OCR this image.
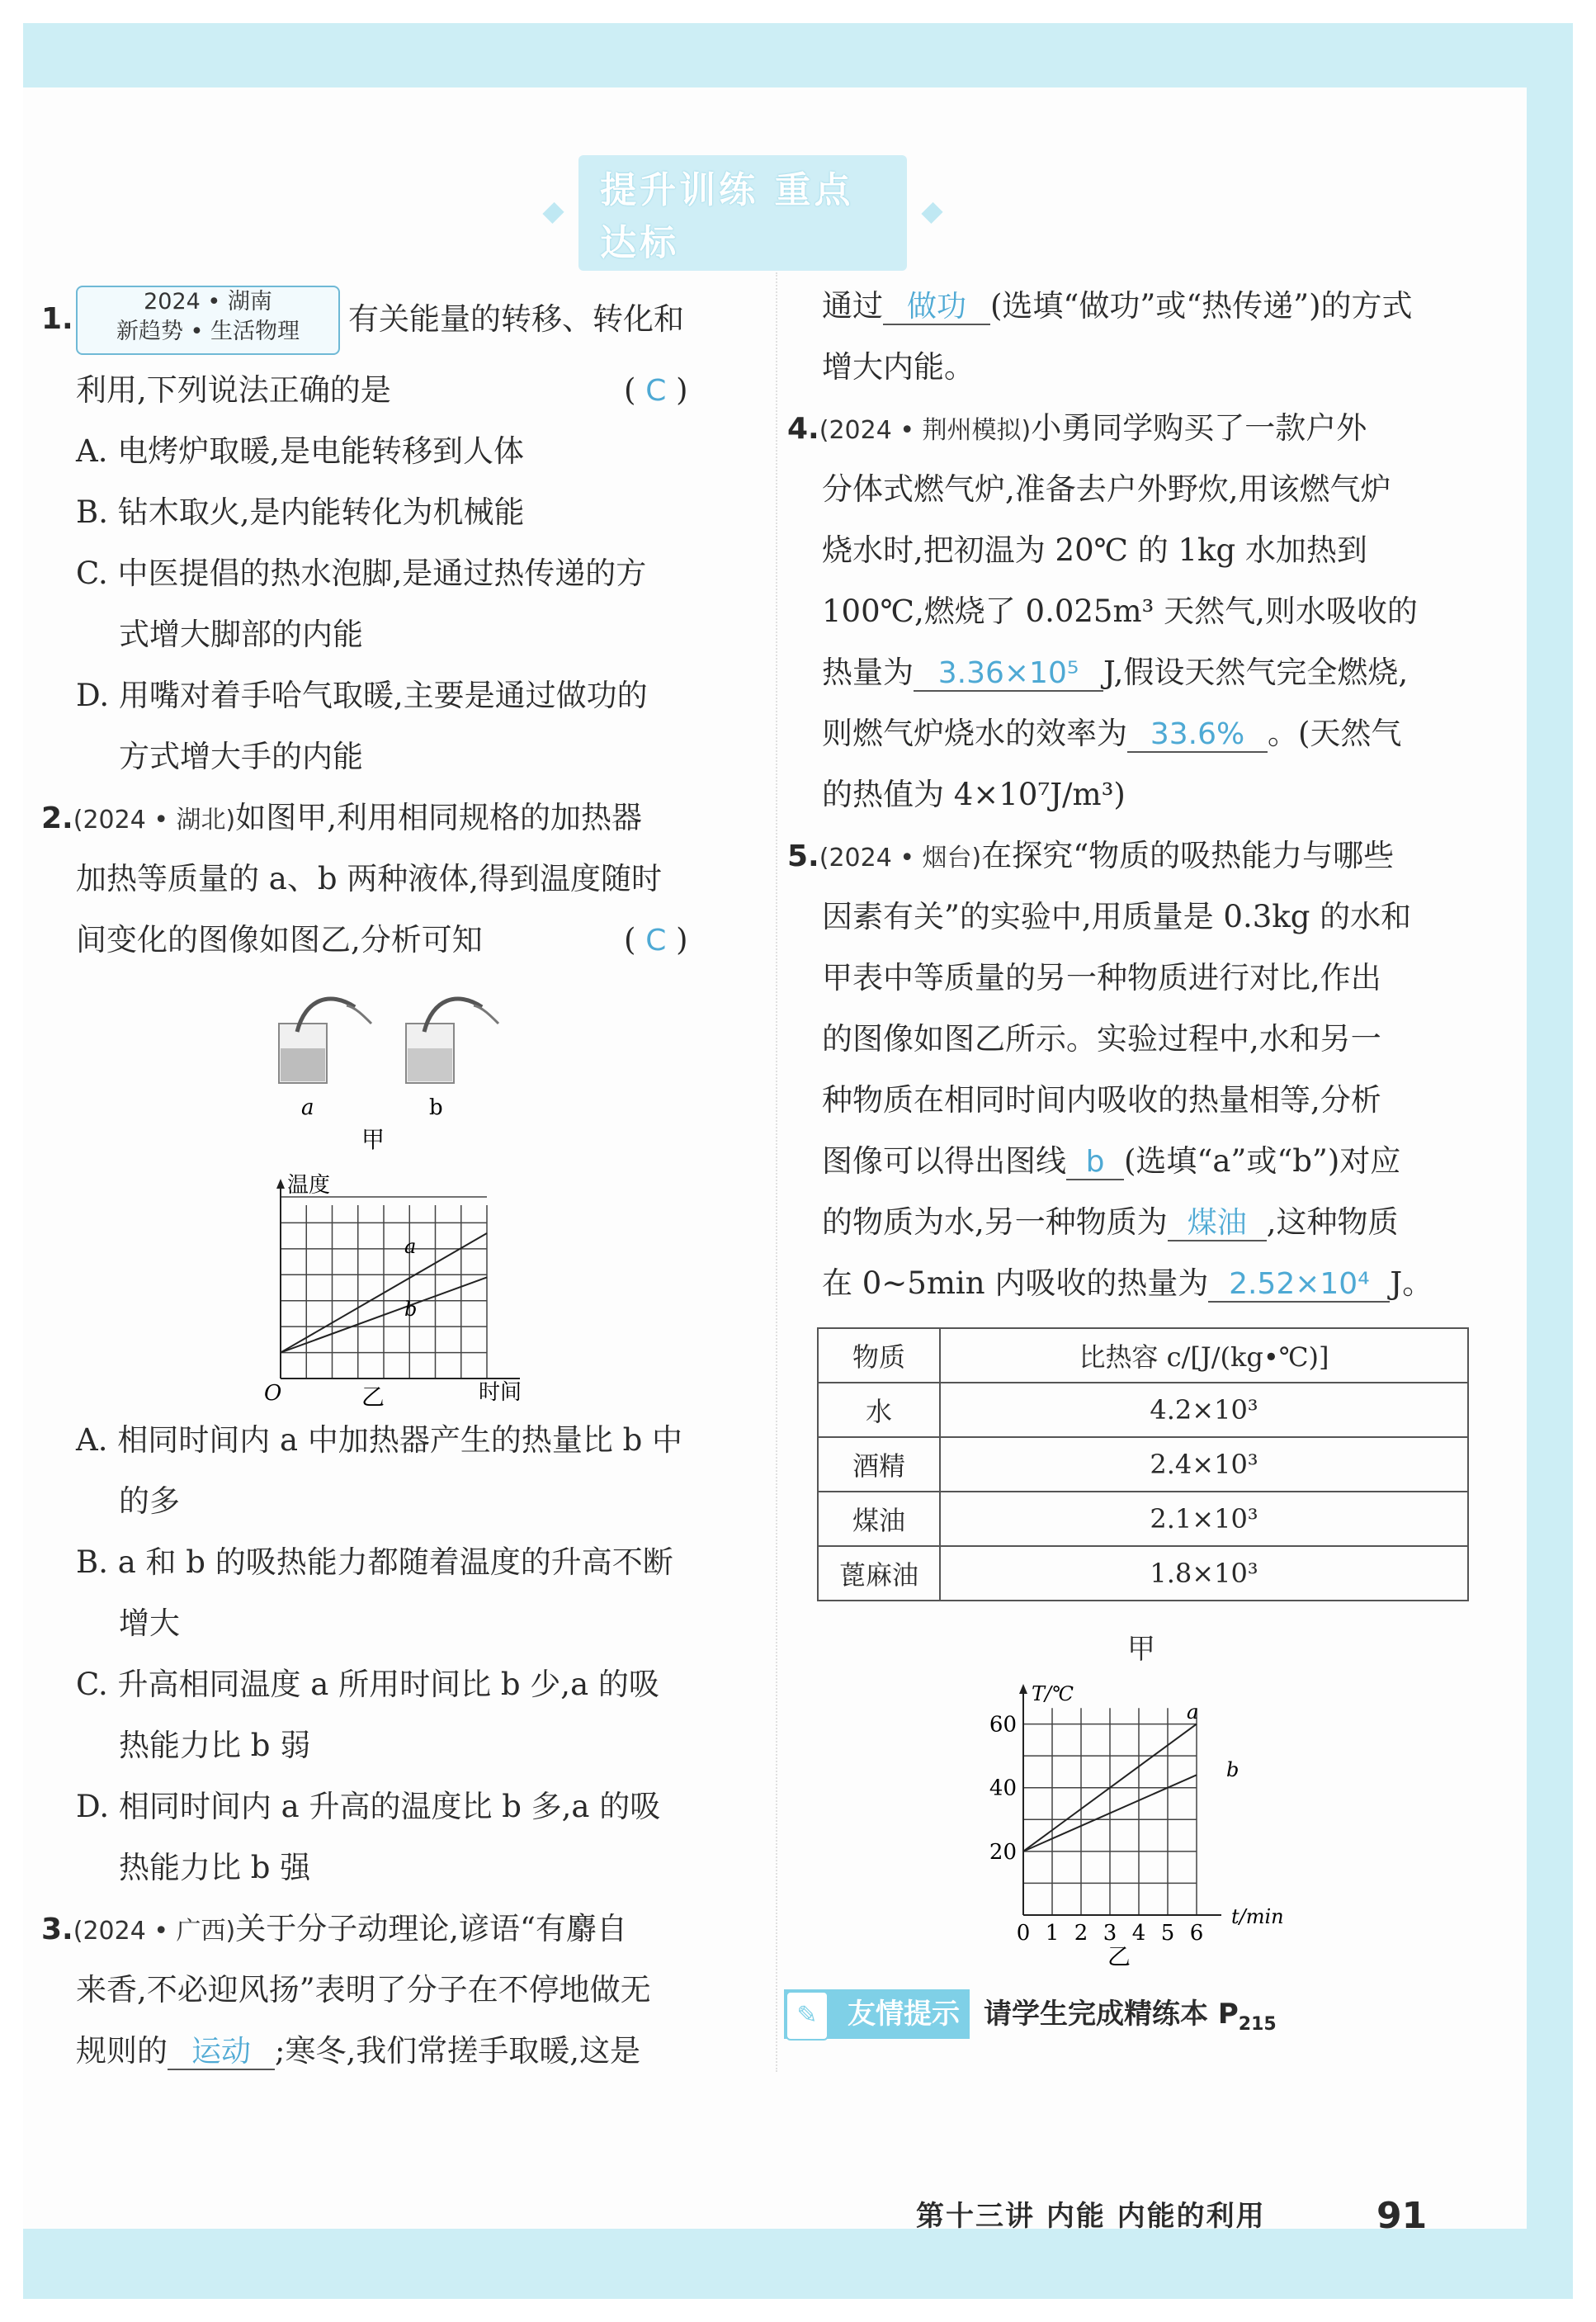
提升训练 重点达标
1.
2024 • 湖南
新趋势 • 生活物理	有关能量的转移、转化和
利用,下列说法正确的是	( C )
A. 电烤炉取暖,是电能转移到人体
B. 钻木取火,是内能转化为机械能
C. 中医提倡的热水泡脚,是通过热传递的方
式增大脚部的内能
D. 用嘴对着手哈气取暖,主要是通过做功的
方式增大手的内能
2.(2024 • 湖北)如图甲,利用相同规格的加热器
加热等质量的 a、b 两种液体,得到温度随时
间变化的图像如图乙,分析可知	( C )
a	b
甲
温度
时间
O
a
b
乙
A. 相同时间内 a 中加热器产生的热量比 b 中
的多
B. a 和 b 的吸热能力都随着温度的升高不断
增大
C. 升高相同温度 a 所用时间比 b 少,a 的吸
热能力比 b 弱
D. 相同时间内 a 升高的温度比 b 多,a 的吸
热能力比 b 强
3.(2024 • 广西)关于分子动理论,谚语“有麝自
来香,不必迎风扬”表明了分子在不停地做无
规则的 运动 ;寒冬,我们常搓手取暖,这是
通过 做功 (选填“做功”或“热传递”)的方式
增大内能。
4.(2024 • 荆州模拟)小勇同学购买了一款户外
分体式燃气炉,准备去户外野炊,用该燃气炉
烧水时,把初温为 20℃ 的 1kg 水加热到
100℃,燃烧了 0.025m³ 天然气,则水吸收的
热量为 3.36×10⁵ J,假设天然气完全燃烧,
则燃气炉烧水的效率为 33.6% 。(天然气
的热值为 4×10⁷J/m³)
5.(2024 • 烟台)在探究“物质的吸热能力与哪些
因素有关”的实验中,用质量是 0.3kg 的水和
甲表中等质量的另一种物质进行对比,作出
的图像如图乙所示。实验过程中,水和另一
种物质在相同时间内吸收的热量相等,分析
图像可以得出图线 b (选填“a”或“b”)对应
的物质为水,另一种物质为 煤油 ,这种物质
在 0~5min 内吸收的热量为 2.52×10⁴ J。
物质	比热容 c/[J/(kg•℃)]
水	4.2×10³
酒精	2.4×10³
煤油	2.1×10³
蓖麻油	1.8×10³
甲
20
40
60
0 1 2 3 4 5 6
T/℃
t/min
a
b
乙
友情提示
✎	请学生完成精练本 $P_{215}$
第十三讲 内能 内能的利用	91
